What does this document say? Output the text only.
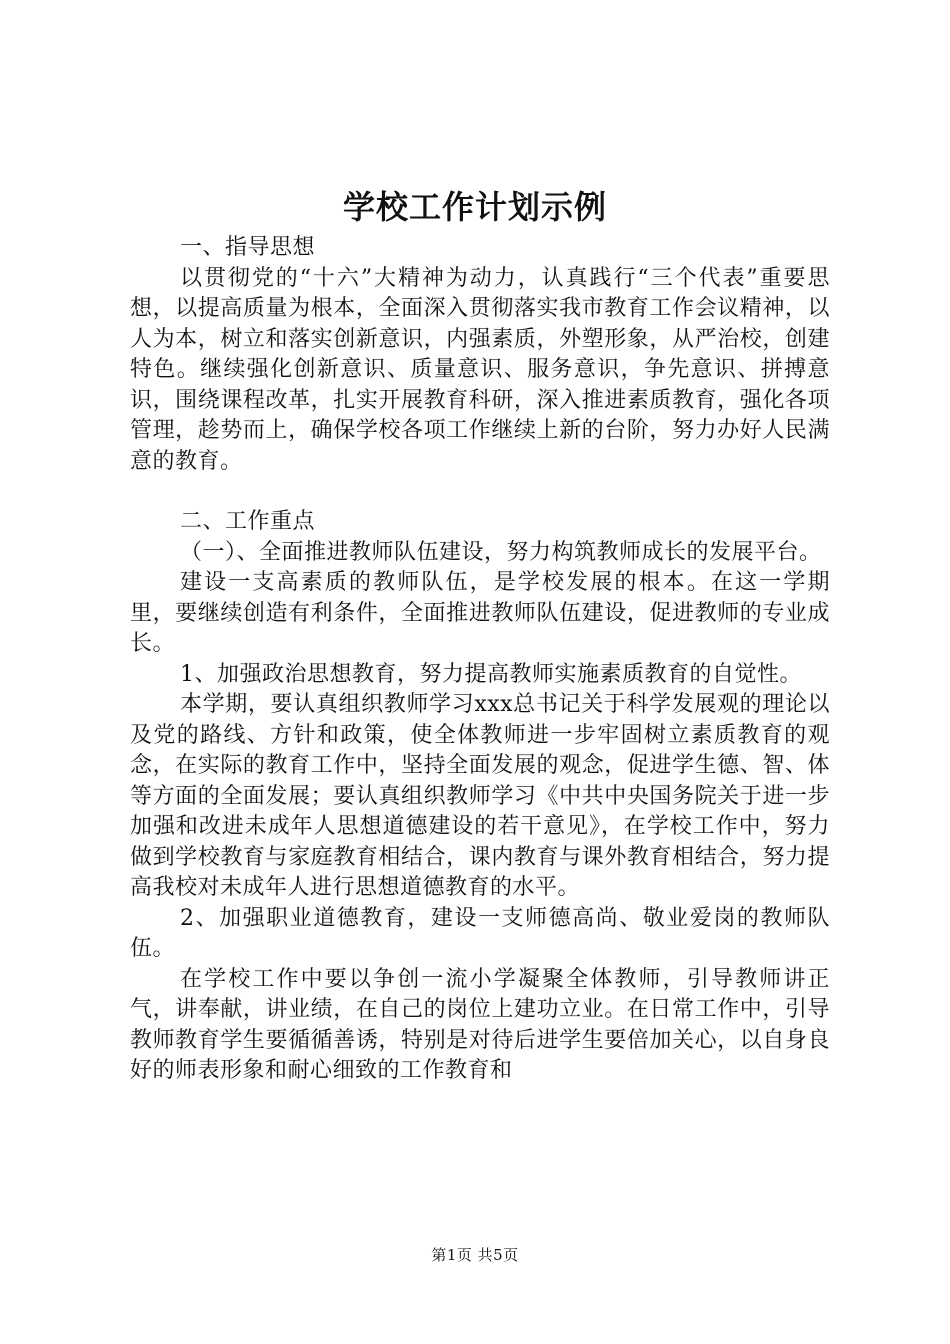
学校工作计划示例

一、指导思想

以贯彻党的“十六”大精神为动力，认真践行“三个代表”重要思想，以提高质量为根本，全面深入贯彻落实我市教育工作会议精神，以人为本，树立和落实创新意识，内强素质，外塑形象，从严治校，创建特色。继续强化创新意识、质量意识、服务意识，争先意识、拼搏意识，围绕课程改革，扎实开展教育科研，深入推进素质教育，强化各项管理，趁势而上，确保学校各项工作继续上新的台阶，努力办好人民满意的教育。

二、工作重点

（一）、全面推进教师队伍建设，努力构筑教师成长的发展平台。

建设一支高素质的教师队伍，是学校发展的根本。在这一学期里，要继续创造有利条件，全面推进教师队伍建设，促进教师的专业成长。

1、加强政治思想教育，努力提高教师实施素质教育的自觉性。

本学期，要认真组织教师学习xxx总书记关于科学发展观的理论以及党的路线、方针和政策，使全体教师进一步牢固树立素质教育的观念，在实际的教育工作中，坚持全面发展的观念，促进学生德、智、体等方面的全面发展；要认真组织教师学习《中共中央国务院关于进一步加强和改进未成年人思想道德建设的若干意见》，在学校工作中，努力做到学校教育与家庭教育相结合，课内教育与课外教育相结合，努力提高我校对未成年人进行思想道德教育的水平。

2、加强职业道德教育，建设一支师德高尚、敬业爱岗的教师队伍。

在学校工作中要以争创一流小学凝聚全体教师，引导教师讲正气，讲奉献，讲业绩，在自己的岗位上建功立业。在日常工作中，引导教师教育学生要循循善诱，特别是对待后进学生要倍加关心，以自身良好的师表形象和耐心细致的工作教育和

第1页 共5页
